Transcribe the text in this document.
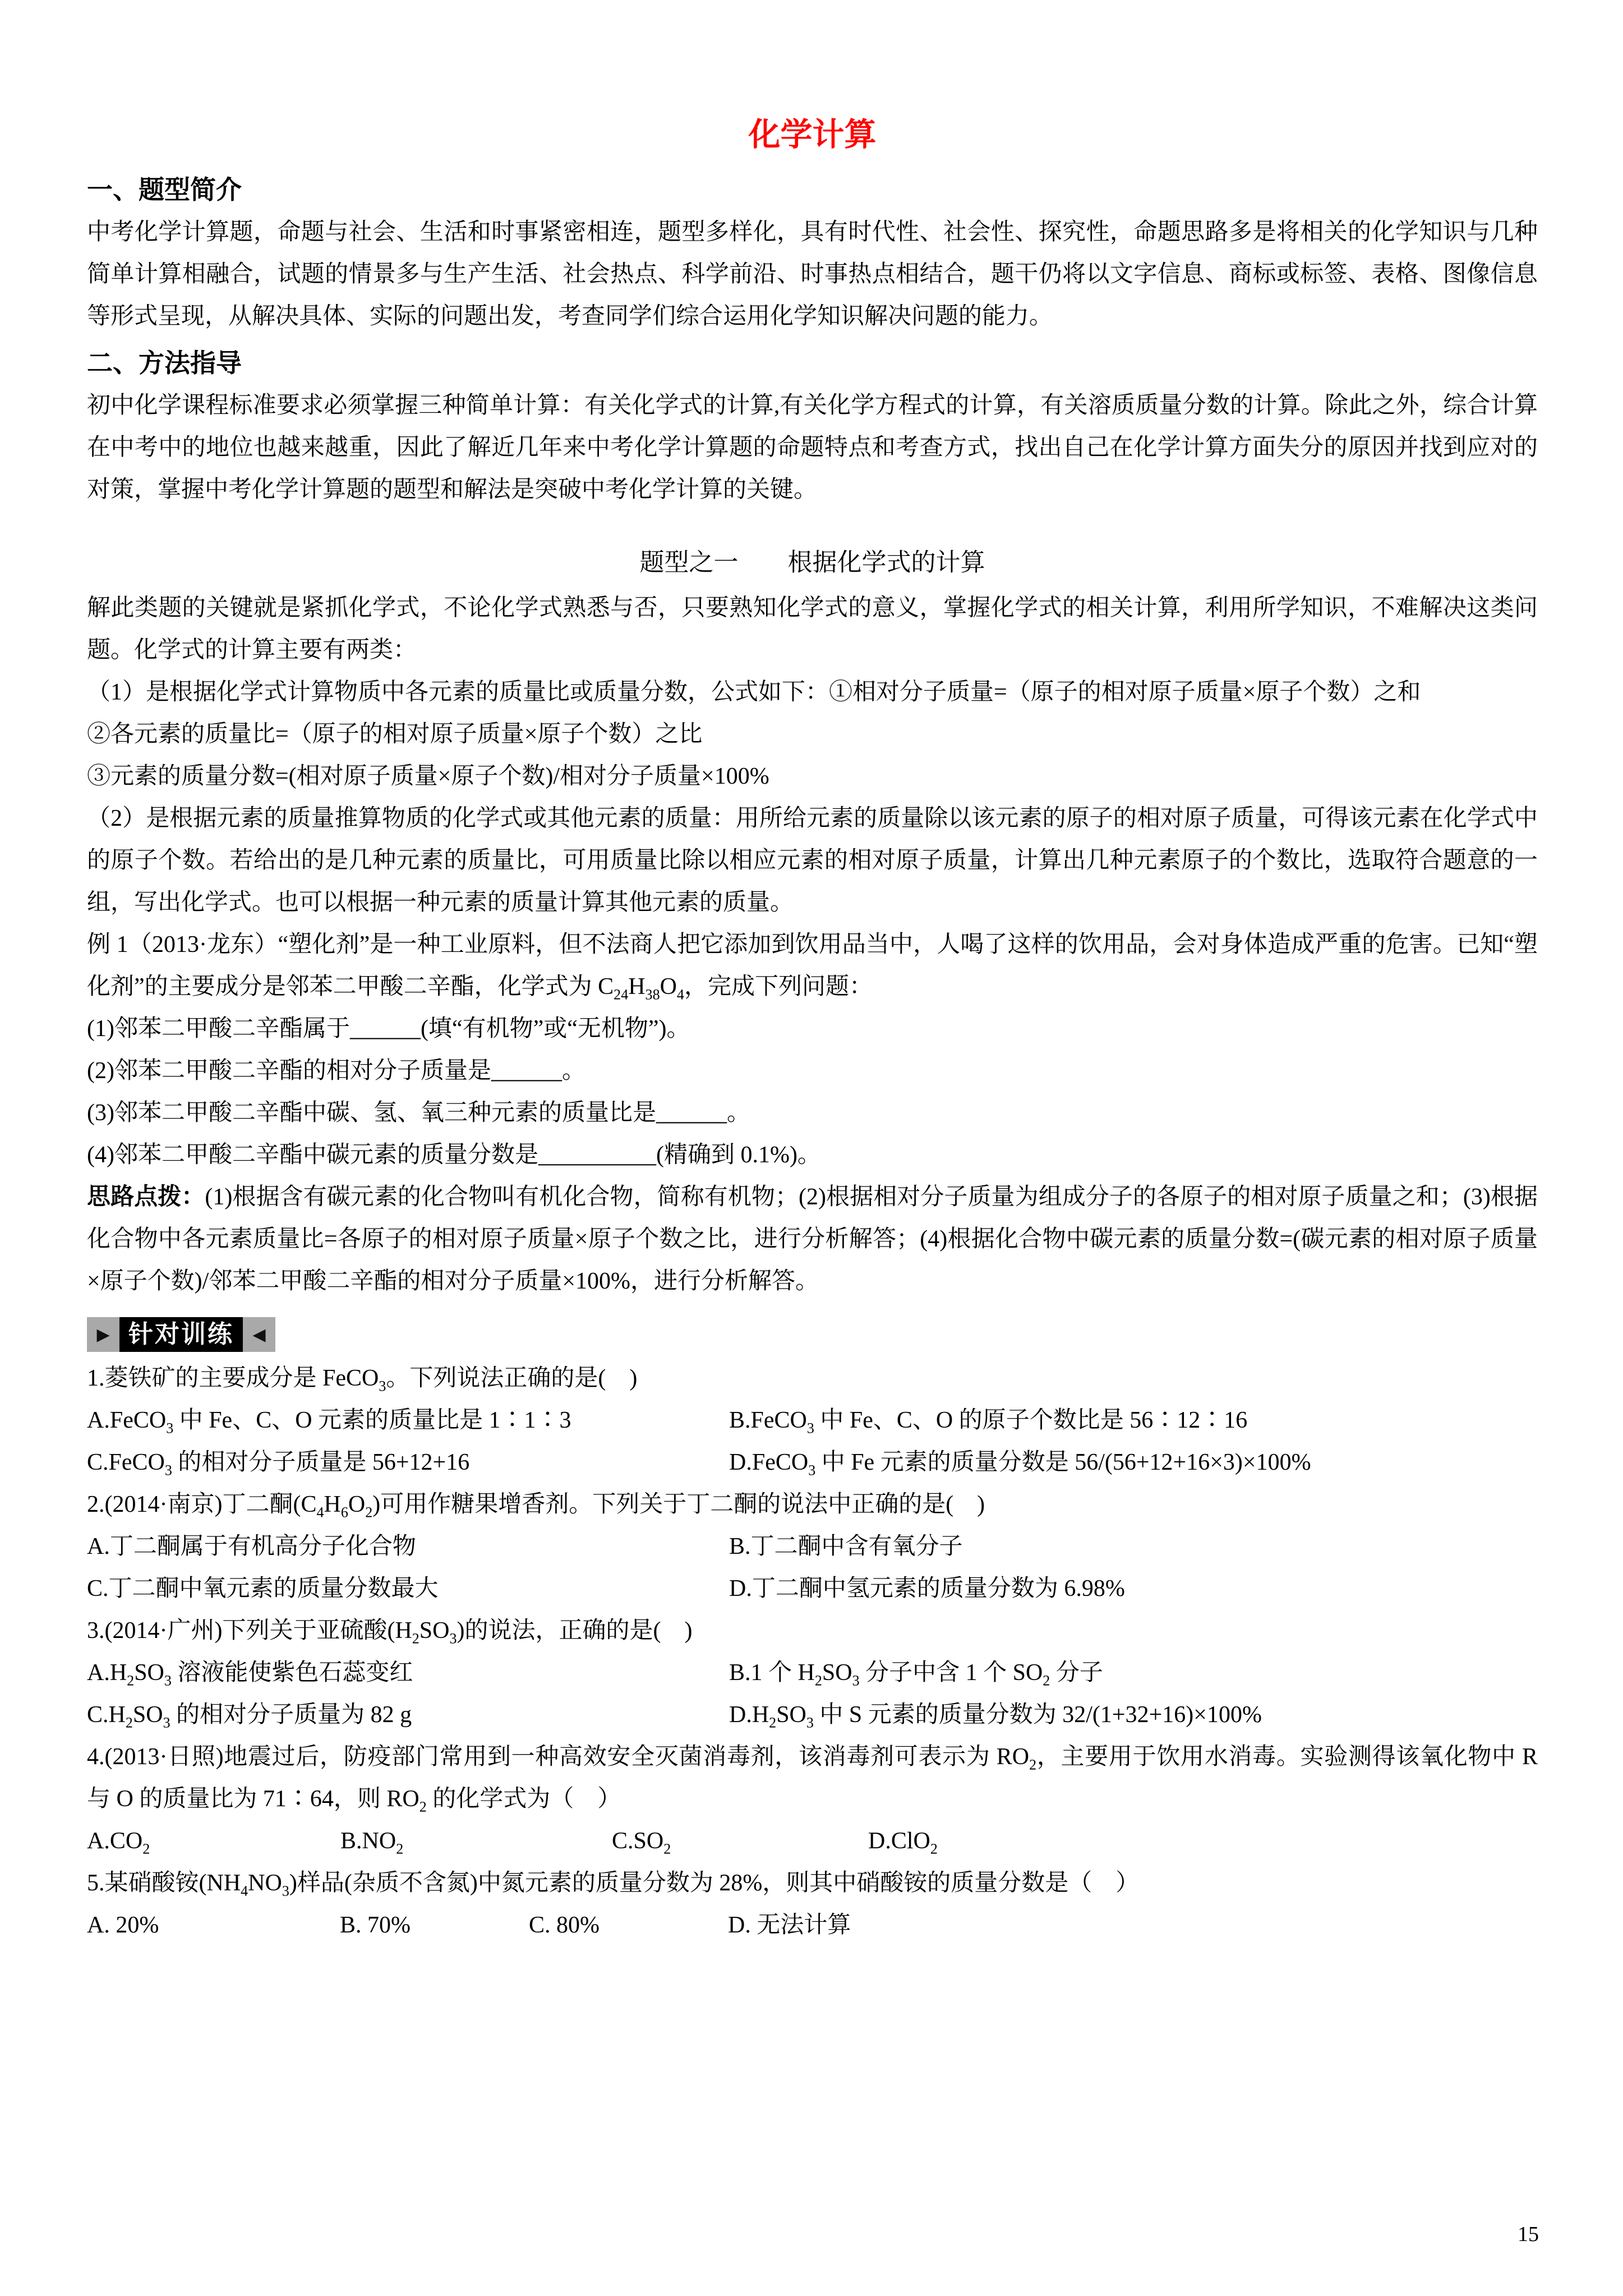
化学计算
一、题型简介

中考化学计算题，命题与社会、生活和时事紧密相连，题型多样化，具有时代性、社会性、探究性，命题思路多是将相关的化学知识与几种简单计算相融合，试题的情景多与生产生活、社会热点、科学前沿、时事热点相结合，题干仍将以文字信息、商标或标签、表格、图像信息等形式呈现，从解决具体、实际的问题出发，考查同学们综合运用化学知识解决问题的能力。

二、方法指导

初中化学课程标准要求必须掌握三种简单计算：有关化学式的计算,有关化学方程式的计算，有关溶质质量分数的计算。除此之外，综合计算在中考中的地位也越来越重，因此了解近几年来中考化学计算题的命题特点和考查方式，找出自己在化学计算方面失分的原因并找到应对的对策，掌握中考化学计算题的题型和解法是突破中考化学计算的关键。

题型之一　　根据化学式的计算

解此类题的关键就是紧抓化学式，不论化学式熟悉与否，只要熟知化学式的意义，掌握化学式的相关计算，利用所学知识，不难解决这类问题。化学式的计算主要有两类：

（1）是根据化学式计算物质中各元素的质量比或质量分数，公式如下：①相对分子质量=（原子的相对原子质量×原子个数）之和

②各元素的质量比=（原子的相对原子质量×原子个数）之比

③元素的质量分数=(相对原子质量×原子个数)/相对分子质量×100%

（2）是根据元素的质量推算物质的化学式或其他元素的质量：用所给元素的质量除以该元素的原子的相对原子质量，可得该元素在化学式中的原子个数。若给出的是几种元素的质量比，可用质量比除以相应元素的相对原子质量，计算出几种元素原子的个数比，选取符合题意的一组，写出化学式。也可以根据一种元素的质量计算其他元素的质量。

例 1（2013·龙东）“塑化剂”是一种工业原料，但不法商人把它添加到饮用品当中，人喝了这样的饮用品，会对身体造成严重的危害。已知“塑化剂”的主要成分是邻苯二甲酸二辛酯，化学式为 $C_{24}H_{38}O_4$，完成下列问题：

(1)邻苯二甲酸二辛酯属于______(填“有机物”或“无机物”)。

(2)邻苯二甲酸二辛酯的相对分子质量是______。

(3)邻苯二甲酸二辛酯中碳、氢、氧三种元素的质量比是______。

(4)邻苯二甲酸二辛酯中碳元素的质量分数是__________(精确到 0.1%)。

思路点拨：(1)根据含有碳元素的化合物叫有机化合物，简称有机物；(2)根据相对分子质量为组成分子的各原子的相对原子质量之和；(3)根据化合物中各元素质量比=各原子的相对原子质量×原子个数之比，进行分析解答；(4)根据化合物中碳元素的质量分数=(碳元素的相对原子质量×原子个数)/邻苯二甲酸二辛酯的相对分子质量×100%，进行分析解答。

▶ 针对训练	◀

1.菱铁矿的主要成分是 FeCO$_3$。下列说法正确的是(　)

A.FeCO$_3$ 中 Fe、C、O 元素的质量比是 1∶1∶3	B.FeCO$_3$ 中 Fe、C、O 的原子个数比是 56∶12∶16
C.FeCO$_3$ 的相对分子质量是 56+12+16	D.FeCO$_3$ 中 Fe 元素的质量分数是 56/(56+12+16×3)×100%

2.(2014·南京)丁二酮$(C_4H_6O_2)$可用作糖果增香剂。下列关于丁二酮的说法中正确的是(　)

A.丁二酮属于有机高分子化合物	B.丁二酮中含有氧分子
C.丁二酮中氧元素的质量分数最大	D.丁二酮中氢元素的质量分数为 6.98%

3.(2014·广州)下列关于亚硫酸$(H_2SO_3)$的说法，正确的是(　)

$A.H_2SO_3$ 溶液能使紫色石蕊变红	B.1 个 $H_2SO_3$ 分子中含 1 个 $SO_2$ 分子
$C.H_2SO_3$ 的相对分子质量为 82 g	$D.H_2SO_3$ 中 S 元素的质量分数为 32/(1+32+16)×100%

4.(2013·日照)地震过后，防疫部门常用到一种高效安全灭菌消毒剂，该消毒剂可表示为 $RO_2$，主要用于饮用水消毒。实验测得该氧化物中 R 与 O 的质量比为 71∶64，则 $RO_2$ 的化学式为（　）

$A.CO_2$	$B.NO_2$	$C.SO_2$	D.ClO$_2$

5.某硝酸铵$(NH_4NO_3)$样品(杂质不含氮)中氮元素的质量分数为 28%，则其中硝酸铵的质量分数是（　）

A. 20%	B. 70%	C. 80%	D. 无法计算
15
